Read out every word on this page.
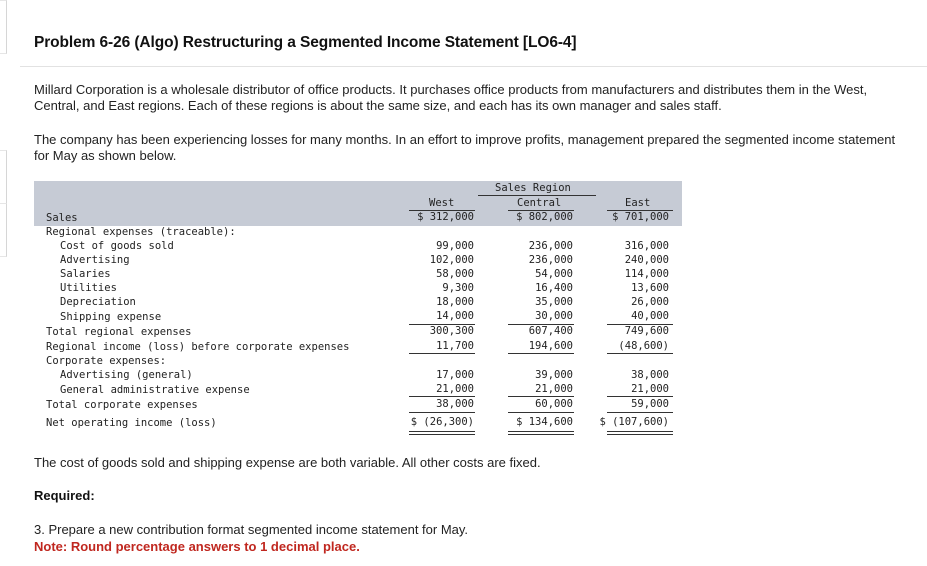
Problem 6-26 (Algo) Restructuring a Segmented Income Statement [LO6-4]
Millard Corporation is a wholesale distributor of office products. It purchases office products from manufacturers and distributes them in the West, Central, and East regions. Each of these regions is about the same size, and each has its own manager and sales staff.
The company has been experiencing losses for many months. In an effort to improve profits, management prepared the segmented income statement for May as shown below.
Sales Region
West	Central	East
Sales	$ 312,000	$ 802,000	$ 701,000
Regional expenses (traceable):
Cost of goods sold	99,000	236,000	316,000
Advertising	102,000	236,000	240,000
Salaries	58,000	54,000	114,000
Utilities	9,300	16,400	13,600
Depreciation	18,000	35,000	26,000
Shipping expense	14,000	30,000	40,000
Total regional expenses	300,300	607,400	749,600
Regional income (loss) before corporate expenses	11,700	194,600	(48,600)
Corporate expenses:
Advertising (general)	17,000	39,000	38,000
General administrative expense	21,000	21,000	21,000
Total corporate expenses	38,000	60,000	59,000
Net operating income (loss)	$ (26,300)	$ 134,600	$ (107,600)
The cost of goods sold and shipping expense are both variable. All other costs are fixed.
Required:
3. Prepare a new contribution format segmented income statement for May.
Note: Round percentage answers to 1 decimal place.
